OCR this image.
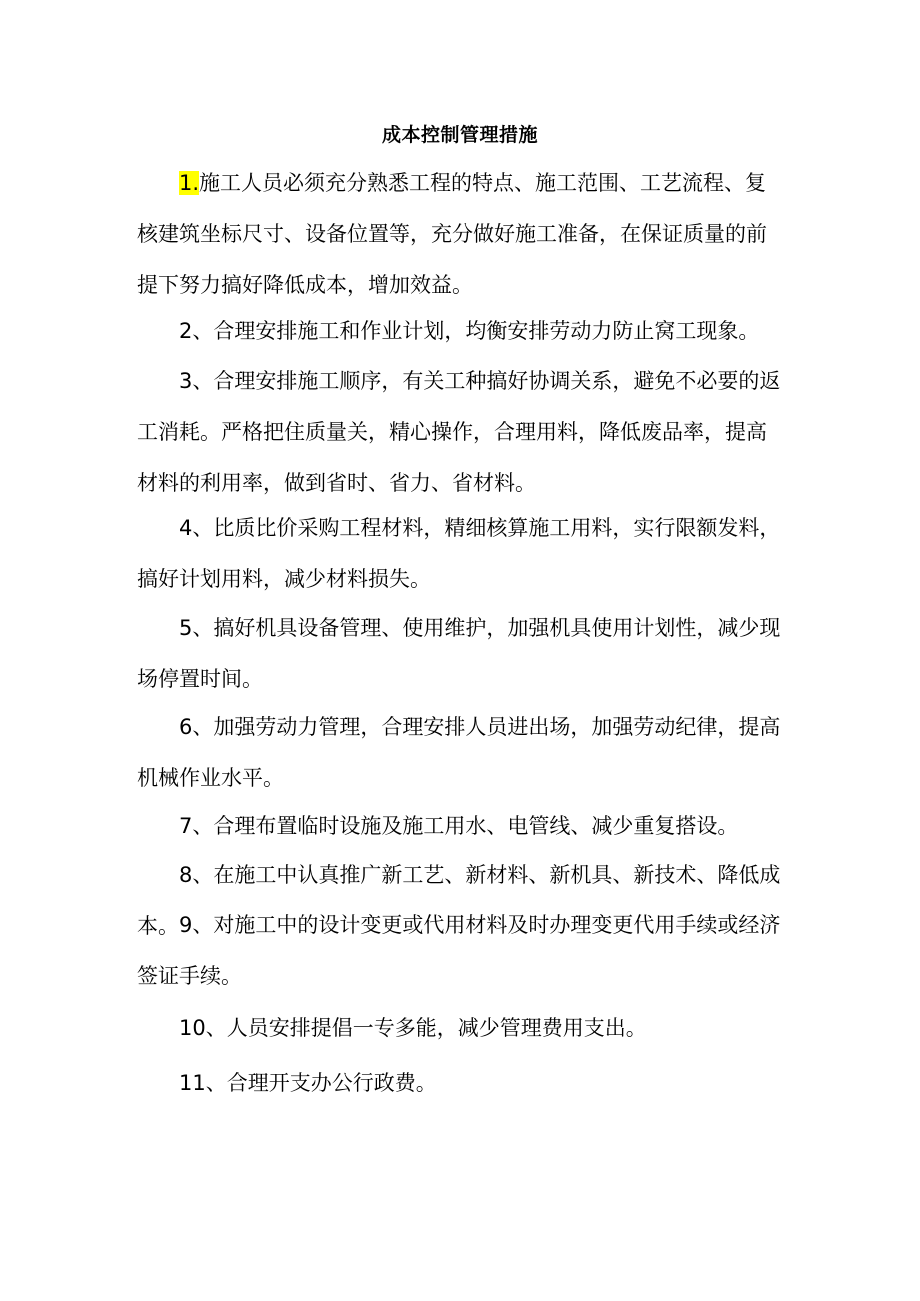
成本控制管理措施

1.施工人员必须充分熟悉工程的特点、施工范围、工艺流程、复核建筑坐标尺寸、设备位置等，充分做好施工准备，在保证质量的前提下努力搞好降低成本，增加效益。

2、合理安排施工和作业计划，均衡安排劳动力防止窝工现象。

3、合理安排施工顺序，有关工种搞好协调关系，避免不必要的返工消耗。严格把住质量关，精心操作，合理用料，降低废品率，提高材料的利用率，做到省时、省力、省材料。

4、比质比价采购工程材料，精细核算施工用料，实行限额发料，搞好计划用料，减少材料损失。

5、搞好机具设备管理、使用维护，加强机具使用计划性，减少现场停置时间。

6、加强劳动力管理，合理安排人员进出场，加强劳动纪律，提高机械作业水平。

7、合理布置临时设施及施工用水、电管线、减少重复搭设。

8、在施工中认真推广新工艺、新材料、新机具、新技术、降低成本。 9、对施工中的设计变更或代用材料及时办理变更代用手续或经济签证手续。

10、人员安排提倡一专多能，减少管理费用支出。

11、合理开支办公行政费。
